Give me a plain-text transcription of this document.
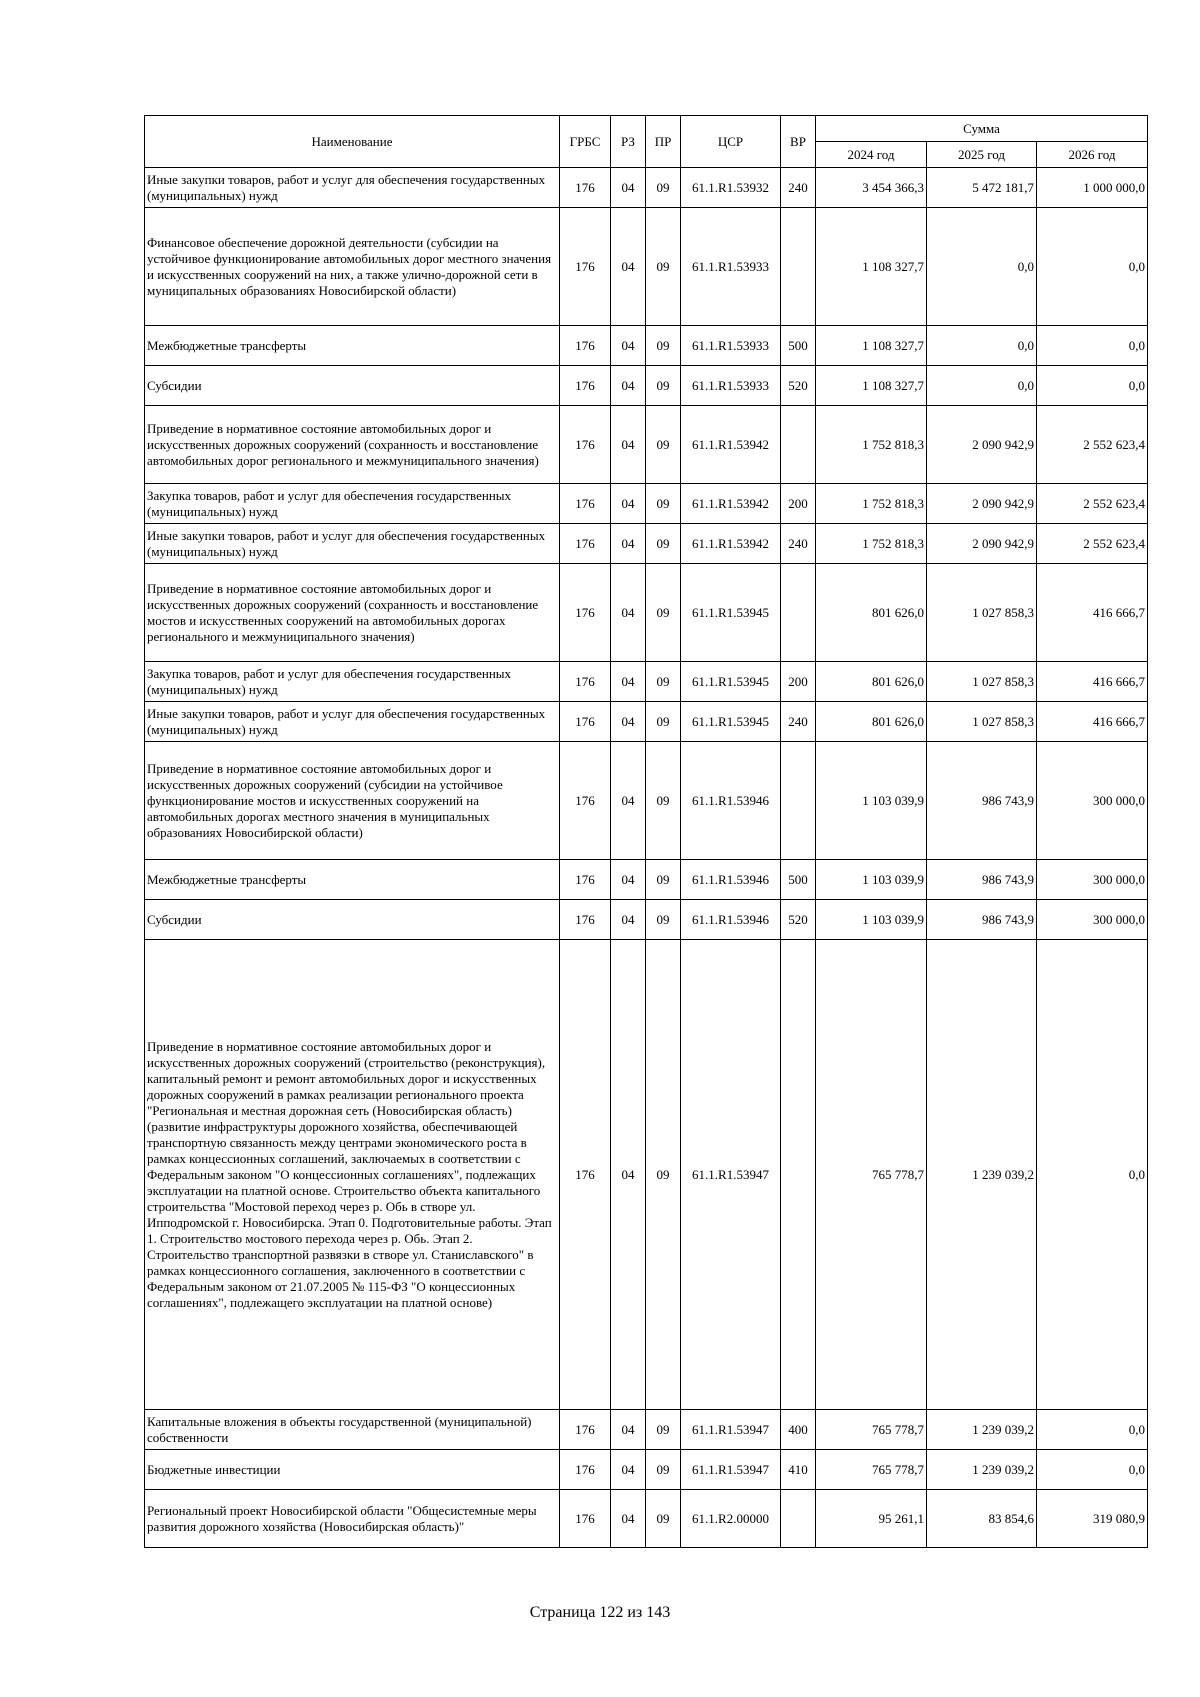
Наименование	ГРБС	РЗ	ПР	ЦСР	ВР	Сумма		
						2024 год	2025 год	2026 год
Иные закупки товаров, работ и услуг для обеспечения государственных (муниципальных) нужд	176	04	09	61.1.R1.53932	240	3 454 366,3	5 472 181,7	1 000 000,0
Финансовое обеспечение дорожной деятельности (субсидии на устойчивое функционирование автомобильных дорог местного значения и искусственных сооружений на них, а также улично-дорожной сети в муниципальных образованиях Новосибирской области)	176	04	09	61.1.R1.53933		1 108 327,7	0,0	0,0
Межбюджетные трансферты	176	04	09	61.1.R1.53933	500	1 108 327,7	0,0	0,0
Субсидии	176	04	09	61.1.R1.53933	520	1 108 327,7	0,0	0,0
Приведение в нормативное состояние автомобильных дорог и искусственных дорожных сооружений (сохранность и восстановление автомобильных дорог регионального и межмуниципального значения)	176	04	09	61.1.R1.53942		1 752 818,3	2 090 942,9	2 552 623,4
Закупка товаров, работ и услуг для обеспечения государственных (муниципальных) нужд	176	04	09	61.1.R1.53942	200	1 752 818,3	2 090 942,9	2 552 623,4
Иные закупки товаров, работ и услуг для обеспечения государственных (муниципальных) нужд	176	04	09	61.1.R1.53942	240	1 752 818,3	2 090 942,9	2 552 623,4
Приведение в нормативное состояние автомобильных дорог и искусственных дорожных сооружений (сохранность и восстановление мостов и искусственных сооружений на автомобильных дорогах регионального и межмуниципального значения)	176	04	09	61.1.R1.53945		801 626,0	1 027 858,3	416 666,7
Закупка товаров, работ и услуг для обеспечения государственных (муниципальных) нужд	176	04	09	61.1.R1.53945	200	801 626,0	1 027 858,3	416 666,7
Иные закупки товаров, работ и услуг для обеспечения государственных (муниципальных) нужд	176	04	09	61.1.R1.53945	240	801 626,0	1 027 858,3	416 666,7
Приведение в нормативное состояние автомобильных дорог и искусственных дорожных сооружений (субсидии на устойчивое функционирование мостов и искусственных сооружений на автомобильных дорогах местного значения в муниципальных образованиях Новосибирской области)	176	04	09	61.1.R1.53946		1 103 039,9	986 743,9	300 000,0
Межбюджетные трансферты	176	04	09	61.1.R1.53946	500	1 103 039,9	986 743,9	300 000,0
Субсидии	176	04	09	61.1.R1.53946	520	1 103 039,9	986 743,9	300 000,0
Приведение в нормативное состояние автомобильных дорог и искусственных дорожных сооружений (строительство (реконструкция), капитальный ремонт и ремонт автомобильных дорог и искусственных дорожных сооружений в рамках реализации регионального проекта "Региональная и местная дорожная сеть (Новосибирская область) (развитие инфраструктуры дорожного хозяйства, обеспечивающей транспортную связанность между центрами экономического роста в рамках концессионных соглашений, заключаемых в соответствии с Федеральным законом "О концессионных соглашениях", подлежащих эксплуатации на платной основе. Строительство объекта капитального строительства "Мостовой переход через р. Обь в створе ул. Ипподромской г. Новосибирска. Этап 0. Подготовительные работы. Этап 1. Строительство мостового перехода через р. Обь. Этап 2. Строительство транспортной развязки в створе ул. Станиславского" в рамках концессионного соглашения, заключенного в соответствии с Федеральным законом от 21.07.2005 № 115-ФЗ "О концессионных соглашениях", подлежащего эксплуатации на платной основе)	176	04	09	61.1.R1.53947		765 778,7	1 239 039,2	0,0
Капитальные вложения в объекты государственной (муниципальной) собственности	176	04	09	61.1.R1.53947	400	765 778,7	1 239 039,2	0,0
Бюджетные инвестиции	176	04	09	61.1.R1.53947	410	765 778,7	1 239 039,2	0,0
Региональный проект Новосибирской области "Общесистемные меры развития дорожного хозяйства (Новосибирская область)"	176	04	09	61.1.R2.00000		95 261,1	83 854,6	319 080,9
Страница 122 из 143
